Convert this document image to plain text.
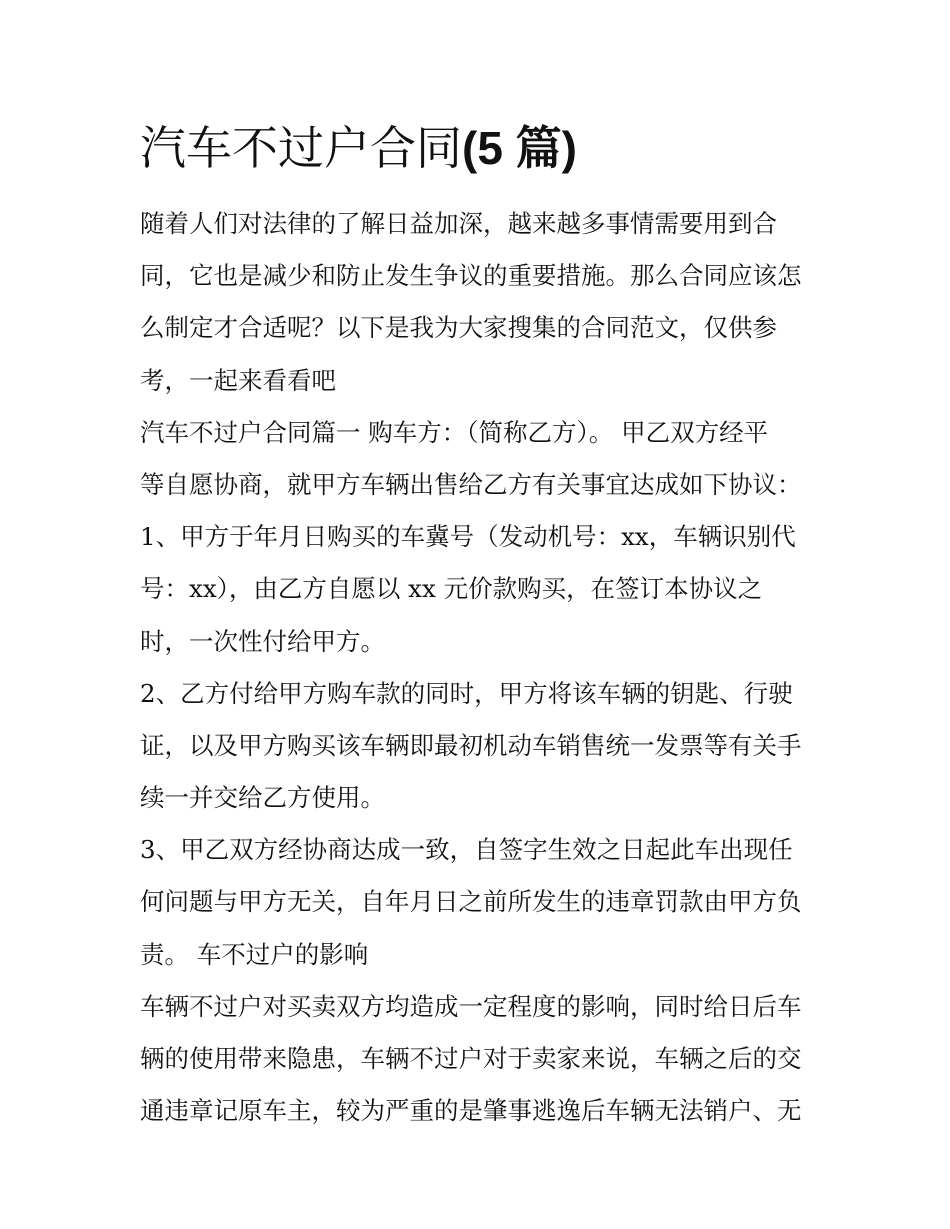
汽车不过户合同(5 篇)
随着人们对法律的了解日益加深，越来越多事情需要用到合
同，它也是减少和防止发生争议的重要措施。那么合同应该怎
么制定才合适呢？以下是我为大家搜集的合同范文，仅供参
考，一起来看看吧
汽车不过户合同篇一 购车方：（简称乙方）。 甲乙双方经平
等自愿协商，就甲方车辆出售给乙方有关事宜达成如下协议：
1、甲方于年月日购买的车冀号（发动机号：xx，车辆识别代
号：xx），由乙方自愿以 xx 元价款购买，在签订本协议之
时，一次性付给甲方。
2、乙方付给甲方购车款的同时，甲方将该车辆的钥匙、行驶
证，以及甲方购买该车辆即最初机动车销售统一发票等有关手
续一并交给乙方使用。
3、甲乙双方经协商达成一致，自签字生效之日起此车出现任
何问题与甲方无关，自年月日之前所发生的违章罚款由甲方负
责。 车不过户的影响
车辆不过户对买卖双方均造成一定程度的影响，同时给日后车
辆的使用带来隐患，车辆不过户对于卖家来说，车辆之后的交
通违章记原车主，较为严重的是肇事逃逸后车辆无法销户、无
